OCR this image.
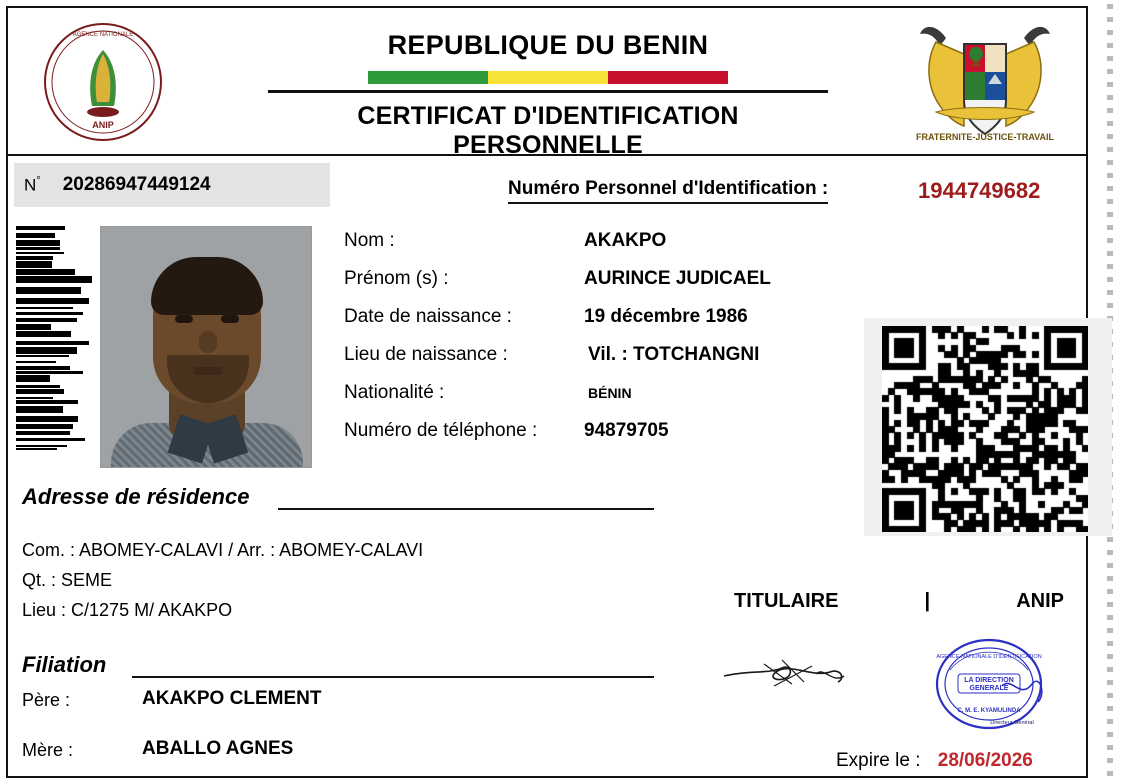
ANIP
AGENCE NATIONALE	REPUBLIQUE DU BENIN
CERTIFICAT D'IDENTIFICATION PERSONNELLE	FRATERNITE-JUSTICE-TRAVAIL
N° 20286947449124	Numéro Personnel d'Identification :	1944749682
Nom :	AKAKPO
Prénom (s) :	AURINCE JUDICAEL
Date de naissance :	19 décembre 1986
Lieu de naissance :	Vil. : TOTCHANGNI
Nationalité :	BÉNIN
Numéro de téléphone : 94879705
Adresse de résidence
Com. : ABOMEY-CALAVI / Arr. : ABOMEY-CALAVI
Qt. : SEME
Lieu : C/1275 M/ AKAKPO
Filiation
Père :	AKAKPO CLEMENT
Mère :	ABALLO AGNES
TITULAIRE	|	ANIP
AGENCE NATIONALE D'IDENTIFICATION
LA DIRECTION
GENERALE
C. M. E. KYAMULINDA
Directeur Général
Expire le : 28/06/2026
